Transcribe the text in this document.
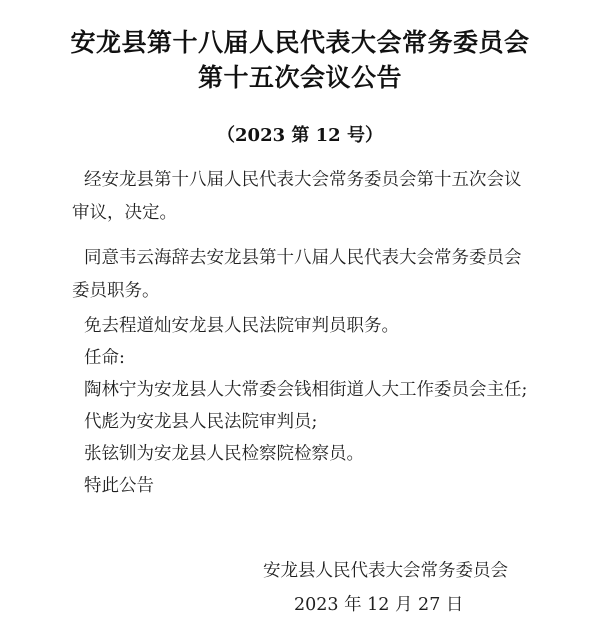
安龙县第十八届人民代表大会常务委员会
第十五次会议公告
（2023 第 12 号）
经安龙县第十八届人民代表大会常务委员会第十五次会议
审议，决定。
同意韦云海辞去安龙县第十八届人民代表大会常务委员会
委员职务。
免去程道灿安龙县人民法院审判员职务。
任命:
陶林宁为安龙县人大常委会钱相街道人大工作委员会主任;
代彪为安龙县人民法院审判员;
张铉钏为安龙县人民检察院检察员。
特此公告
安龙县人民代表大会常务委员会
2023 年 12 月 27 日
